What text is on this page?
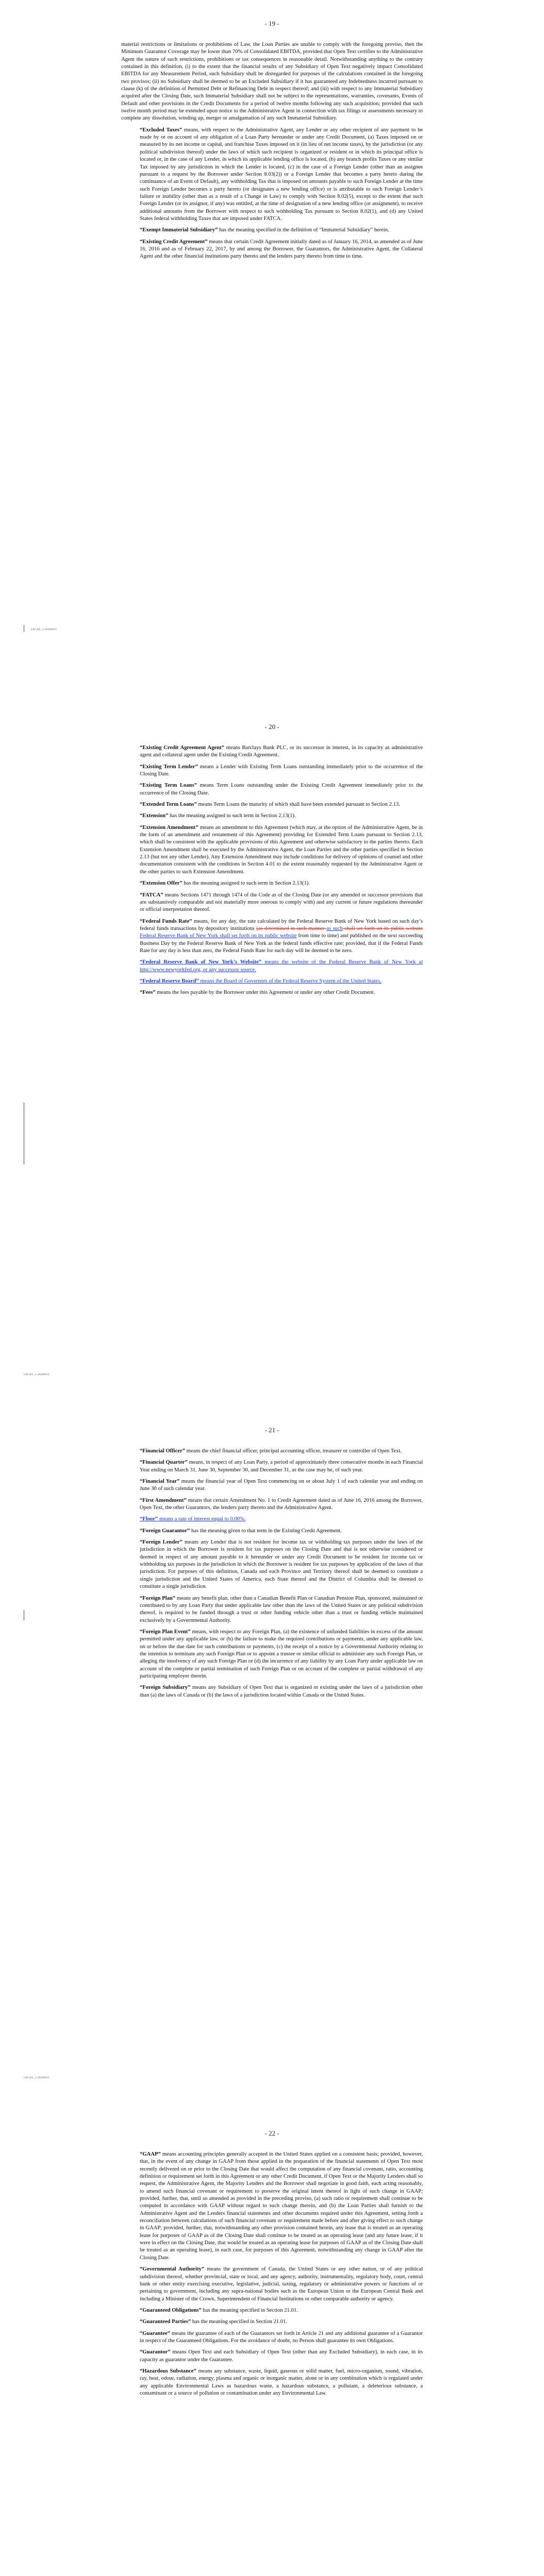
- 19 -

material restrictions or limitations or prohibitions of Law, the Loan Parties are unable to comply with the foregoing proviso, then the Minimum Guarantor Coverage may be lower than 70% of Consolidated EBITDA, provided that Open Text certifies to the Administrative Agent the nature of such restrictions, prohibitions or tax consequences in reasonable detail. Notwithstanding anything to the contrary contained in this definition, (i) to the extent that the financial results of any Subsidiary of Open Text negatively impact Consolidated EBITDA for any Measurement Period, such Subsidiary shall be disregarded for purposes of the calculations contained in the foregoing two provisos; (ii) no Subsidiary shall be deemed to be an Excluded Subsidiary if it has guaranteed any Indebtedness incurred pursuant to clause (k) of the definition of Permitted Debt or Refinancing Debt in respect thereof; and (iii) with respect to any Immaterial Subsidiary acquired after the Closing Date, such Immaterial Subsidiary shall not be subject to the representations, warranties, covenants, Events of Default and other provisions in the Credit Documents for a period of twelve months following any such acquisition; provided that such twelve month period may be extended upon notice to the Administrative Agent in connection with tax filings or assessments necessary to complete any dissolution, winding up, merger or amalgamation of any such Immaterial Subsidiary.

“Excluded Taxes” means, with respect to the Administrative Agent, any Lender or any other recipient of any payment to be made by or on account of any obligation of a Loan Party hereunder or under any Credit Document, (a) Taxes imposed on or measured by its net income or capital, and franchise Taxes imposed on it (in lieu of net income taxes), by the jurisdiction (or any political subdivision thereof) under the laws of which such recipient is organized or resident or in which its principal office is located or, in the case of any Lender, in which its applicable lending office is located, (b) any branch profits Taxes or any similar Tax imposed by any jurisdiction in which the Lender is located, (c) in the case of a Foreign Lender (other than an assignee pursuant to a request by the Borrower under Section 8.03(2)) or a Foreign Lender that becomes a party hereto during the continuance of an Event of Default), any withholding Tax that is imposed on amounts payable to such Foreign Lender at the time such Foreign Lender becomes a party hereto (or designates a new lending office) or is attributable to such Foreign Lender’s failure or inability (other than as a result of a Change in Law) to comply with Section 8.02(5), except to the extent that such Foreign Lender (or its assignor, if any) was entitled, at the time of designation of a new lending office (or assignment), to receive additional amounts from the Borrower with respect to such withholding Tax pursuant to Section 8.02(1), and (d) any United States federal withholding Taxes that are imposed under FATCA.

“Exempt Immaterial Subsidiary” has the meaning specified in the definition of “Immaterial Subsidiary” herein.

“Existing Credit Agreement” means that certain Credit Agreement initially dated as of January 16, 2014, as amended as of June 16, 2016 and as of February 22, 2017, by and among the Borrower, the Guarantors, the Administrative Agent, the Collateral Agent and the other financial institutions party thereto and the lenders party thereto from time to time.

LEGAL_1:40406651
- 20 -

“Existing Credit Agreement Agent” means Barclays Bank PLC, or its successor in interest, in its capacity as administrative agent and collateral agent under the Existing Credit Agreement.

“Existing Term Lender” means a Lender with Existing Term Loans outstanding immediately prior to the occurrence of the Closing Date.

“Existing Term Loans” means Term Loans outstanding under the Existing Credit Agreement immediately prior to the occurrence of the Closing Date.

“Extended Term Loans” means Term Loans the maturity of which shall have been extended pursuant to Section 2.13.

“Extension” has the meaning assigned to such term in Section 2.13(1).

“Extension Amendment” means an amendment to this Agreement (which may, at the option of the Administrative Agent, be in the form of an amendment and restatement of this Agreement) providing for Extended Term Loans pursuant to Section 2.13, which shall be consistent with the applicable provisions of this Agreement and otherwise satisfactory to the parties thereto. Each Extension Amendment shall be executed by the Administrative Agent, the Loan Parties and the other parties specified in Section 2.13 (but not any other Lender). Any Extension Amendment may include conditions for delivery of opinions of counsel and other documentation consistent with the conditions in Section 4.01 to the extent reasonably requested by the Administrative Agent or the other parties to such Extension Amendment.

“Extension Offer” has the meaning assigned to such term in Section 2.13(1).

“FATCA” means Sections 1471 through 1474 of the Code as of the Closing Date (or any amended or successor provisions that are substantively comparable and not materially more onerous to comply with) and any current or future regulations thereunder or official interpretation thereof.

“Federal Funds Rate” means, for any day, the rate calculated by the Federal Reserve Bank of New York based on such day’s federal funds transactions by depository institutions (as determined in such manner as such shall set forth on its public website Federal Reserve Bank of New York shall set forth on its public website from time to time) and published on the next succeeding Business Day by the Federal Reserve Bank of New York as the federal funds effective rate; provided, that if the Federal Funds Rate for any day is less than zero, the Federal Funds Rate for such day will be deemed to be zero.

“Federal Reserve Bank of New York’s Website” means the website of the Federal Reserve Bank of New York at http://www.newyorkfed.org, or any successor source.

“Federal Reserve Board” means the Board of Governors of the Federal Reserve System of the United States.

“Fees” means the fees payable by the Borrower under this Agreement or under any other Credit Document.

LEGAL_1:40406651
- 21 -

“Financial Officer” means the chief financial officer, principal accounting officer, treasurer or controller of Open Text.

“Financial Quarter” means, in respect of any Loan Party, a period of approximately three consecutive months in each Financial Year ending on March 31, June 30, September 30, and December 31, as the case may be, of such year.

“Financial Year” means the financial year of Open Text commencing on or about July 1 of each calendar year and ending on June 30 of such calendar year.

“First Amendment” means that certain Amendment No. 1 to Credit Agreement dated as of June 16, 2016 among the Borrower, Open Text, the other Guarantors, the lenders party thereto and the Administrative Agent.

“Floor” means a rate of interest equal to 0.00%.

“Foreign Guarantor” has the meaning given to that term in the Existing Credit Agreement.

“Foreign Lender” means any Lender that is not resident for income tax or withholding tax purposes under the laws of the jurisdiction in which the Borrower is resident for tax purposes on the Closing Date and that is not otherwise considered or deemed in respect of any amount payable to it hereunder or under any Credit Document to be resident for income tax or withholding tax purposes in the jurisdiction in which the Borrower is resident for tax purposes by application of the laws of that jurisdiction. For purposes of this definition, Canada and each Province and Territory thereof shall be deemed to constitute a single jurisdiction and the United States of America, each State thereof and the District of Columbia shall be deemed to constitute a single jurisdiction.

“Foreign Plan” means any benefit plan, other than a Canadian Benefit Plan or Canadian Pension Plan, sponsored, maintained or contributed to by any Loan Party that under applicable law other than the laws of the United States or any political subdivision thereof, is required to be funded through a trust or other funding vehicle other than a trust or funding vehicle maintained exclusively by a Governmental Authority.

“Foreign Plan Event” means, with respect to any Foreign Plan, (a) the existence of unfunded liabilities in excess of the amount permitted under any applicable law, or (b) the failure to make the required contributions or payments, under any applicable law, on or before the due date for such contributions or payments, (c) the receipt of a notice by a Governmental Authority relating to the intention to terminate any such Foreign Plan or to appoint a trustee or similar official to administer any such Foreign Plan, or alleging the insolvency of any such Foreign Plan or (d) the incurrence of any liability by any Loan Party under applicable law on account of the complete or partial termination of such Foreign Plan or on account of the complete or partial withdrawal of any participating employer therein.

“Foreign Subsidiary” means any Subsidiary of Open Text that is organized or existing under the laws of a jurisdiction other than (a) the laws of Canada or (b) the laws of a jurisdiction located within Canada or the United States.

LEGAL_1:40406651
- 22 -

“GAAP” means accounting principles generally accepted in the United States applied on a consistent basis; provided, however, that, in the event of any change in GAAP from those applied in the preparation of the financial statements of Open Text most recently delivered on or prior to the Closing Date that would affect the computation of any financial covenant, ratio, accounting definition or requirement set forth in this Agreement or any other Credit Document, if Open Text or the Majority Lenders shall so request, the Administrative Agent, the Majority Lenders and the Borrower shall negotiate in good faith, each acting reasonably, to amend such financial covenant or requirement to preserve the original intent thereof in light of such change in GAAP; provided, further, that, until so amended as provided in the preceding proviso, (a) such ratio or requirement shall continue to be computed in accordance with GAAP without regard to such change therein, and (b) the Loan Parties shall furnish to the Administrative Agent and the Lenders financial statements and other documents required under this Agreement, setting forth a reconciliation between calculations of such financial covenant or requirement made before and after giving effect to such change in GAAP; provided, further, that, notwithstanding any other provision contained herein, any lease that is treated as an operating lease for purposes of GAAP as of the Closing Date shall continue to be treated as an operating lease (and any future lease, if it were in effect on the Closing Date, that would be treated as an operating lease for purposes of GAAP as of the Closing Date shall be treated as an operating lease), in each case, for purposes of this Agreement, notwithstanding any change in GAAP after the Closing Date.

“Governmental Authority” means the government of Canada, the United States or any other nation, or of any political subdivision thereof, whether provincial, state or local, and any agency, authority, instrumentality, regulatory body, court, central bank or other entity exercising executive, legislative, judicial, taxing, regulatory or administrative powers or functions of or pertaining to government, including any supra-national bodies such as the European Union or the European Central Bank and including a Minister of the Crown, Superintendent of Financial Institutions or other comparable authority or agency.

“Guaranteed Obligations” has the meaning specified in Section 21.01.

“Guaranteed Parties” has the meaning specified in Section 21.01.

“Guarantee” means the guarantee of each of the Guarantors set forth in Article 21 and any additional guarantee of a Guarantor in respect of the Guaranteed Obligations. For the avoidance of doubt, no Person shall guarantee its own Obligations.

“Guarantor” means Open Text and each Subsidiary of Open Text (other than any Excluded Subsidiary), in each case, in its capacity as guarantor under the Guarantee.

“Hazardous Substance” means any substance, waste, liquid, gaseous or solid matter, fuel, micro-organism, sound, vibration, ray, heat, odour, radiation, energy, plasma and organic or inorganic matter, alone or in any combination which is regulated under any applicable Environmental Laws as hazardous waste, a hazardous substance, a pollutant, a deleterious substance, a contaminant or a source of pollution or contamination under any Environmental Law.
